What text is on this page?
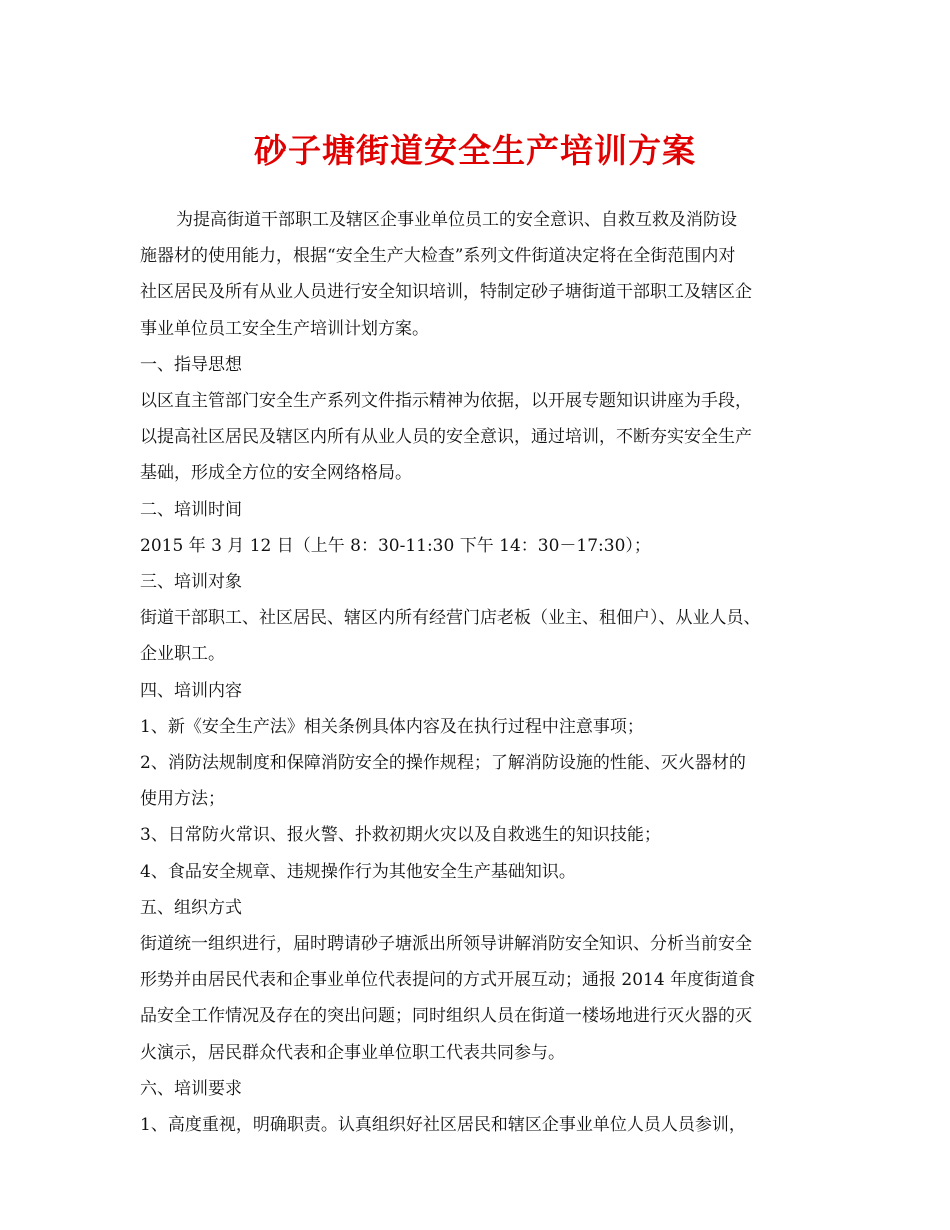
砂子塘街道安全生产培训方案

为提高街道干部职工及辖区企事业单位员工的安全意识、自救互救及消防设

施器材的使用能力，根据“安全生产大检查”系列文件街道决定将在全街范围内对

社区居民及所有从业人员进行安全知识培训，特制定砂子塘街道干部职工及辖区企

事业单位员工安全生产培训计划方案。

一、指导思想

以区直主管部门安全生产系列文件指示精神为依据，以开展专题知识讲座为手段，

以提高社区居民及辖区内所有从业人员的安全意识，通过培训，不断夯实安全生产

基础，形成全方位的安全网络格局。

二、培训时间

2015 年 3 月 12 日（上午 8：30-11:30 下午 14：30－17:30）；

三、培训对象

街道干部职工、社区居民、辖区内所有经营门店老板（业主、租佃户）、从业人员、

企业职工。

四、培训内容

1、新《安全生产法》相关条例具体内容及在执行过程中注意事项；

2、消防法规制度和保障消防安全的操作规程；了解消防设施的性能、灭火器材的

使用方法；

3、日常防火常识、报火警、扑救初期火灾以及自救逃生的知识技能；

4、食品安全规章、违规操作行为其他安全生产基础知识。

五、组织方式

街道统一组织进行，届时聘请砂子塘派出所领导讲解消防安全知识、分析当前安全

形势并由居民代表和企事业单位代表提问的方式开展互动；通报 2014 年度街道食

品安全工作情况及存在的突出问题；同时组织人员在街道一楼场地进行灭火器的灭

火演示，居民群众代表和企事业单位职工代表共同参与。

六、培训要求

1、高度重视，明确职责。认真组织好社区居民和辖区企事业单位人员人员参训，
